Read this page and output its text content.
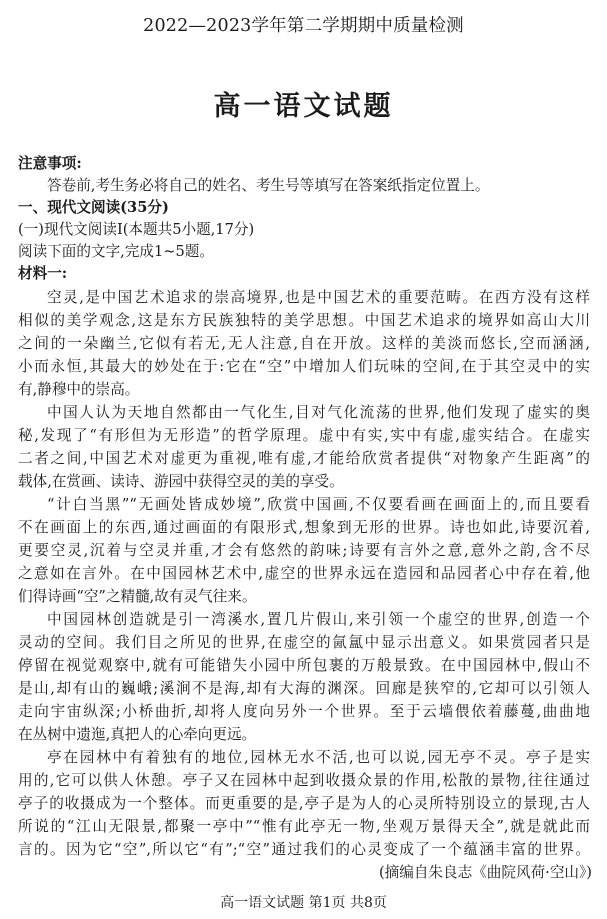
2022—2023学年第二学期期中质量检测
高一语文试题
注意事项:
答卷前,考生务必将自己的姓名、考生号等填写在答案纸指定位置上。
一、现代文阅读(35分)
(一)现代文阅读Ⅰ(本题共5小题,17分)
阅读下面的文字,完成1~5题。
材料一:
空灵,是中国艺术追求的崇高境界,也是中国艺术的重要范畴。在西方没有这样
相似的美学观念,这是东方民族独特的美学思想。中国艺术追求的境界如高山大川
之间的一朵幽兰,它似有若无,无人注意,自在开放。这样的美淡而悠长,空而涵涵,
小而永恒,其最大的妙处在于:它在“空”中增加人们玩味的空间,在于其空灵中的实
有,静穆中的崇高。
中国人认为天地自然都由一气化生,目对气化流荡的世界,他们发现了虚实的奥
秘,发现了“有形但为无形造”的哲学原理。虚中有实,实中有虚,虚实结合。在虚实
二者之间,中国艺术对虚更为重视,唯有虚,才能给欣赏者提供“对物象产生距离”的
载体,在赏画、读诗、游园中获得空灵的美的享受。
“计白当黑”“无画处皆成妙境”,欣赏中国画,不仅要看画在画面上的,而且要看
不在画面上的东西,通过画面的有限形式,想象到无形的世界。诗也如此,诗要沉着,
更要空灵,沉着与空灵并重,才会有悠然的韵味;诗要有言外之意,意外之韵,含不尽
之意如在言外。在中国园林艺术中,虚空的世界永远在造园和品园者心中存在着,他
们得诗画“空”之精髓,故有灵气往来。
中国园林创造就是引一湾溪水,置几片假山,来引领一个虚空的世界,创造一个
灵动的空间。我们目之所见的世界,在虚空的氤氲中显示出意义。如果赏园者只是
停留在视觉观察中,就有可能错失小园中所包裹的万般景致。在中国园林中,假山不
是山,却有山的巍峨;溪涧不是海,却有大海的渊深。回廊是狭窄的,它却可以引领人
走向宇宙纵深;小桥曲折,却将人度向另外一个世界。至于云墙偎依着藤蔓,曲曲地
在丛树中遗迤,真把人的心牵向更远。
亭在园林中有着独有的地位,园林无水不活,也可以说,园无亭不灵。亭子是实
用的,它可以供人休憩。亭子又在园林中起到收摄众景的作用,松散的景物,往往通过
亭子的收摄成为一个整体。而更重要的是,亭子是为人的心灵所特别设立的景现,古人
所说的“江山无限景,都聚一亭中”“惟有此亭无一物,坐观万景得天全”,就是就此而
言的。因为它“空”,所以它“有”;“空”通过我们的心灵变成了一个蕴涵丰富的世界。
(摘编自朱良志《曲院风荷·空山》)
高一语文试题 第1页 共8页
